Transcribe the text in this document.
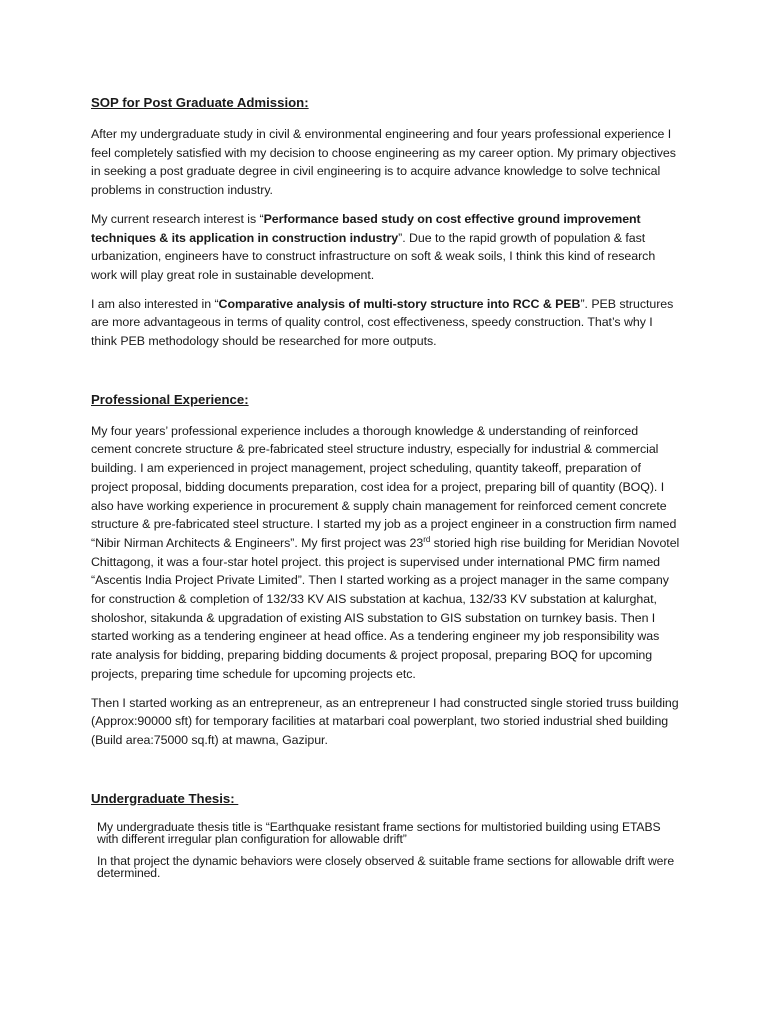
SOP for Post Graduate Admission:

After my undergraduate study in civil & environmental engineering and four years professional experience I feel completely satisfied with my decision to choose engineering as my career option. My primary objectives in seeking a post graduate degree in civil engineering is to acquire advance knowledge to solve technical problems in construction industry.

My current research interest is “Performance based study on cost effective ground improvement techniques & its application in construction industry”. Due to the rapid growth of population & fast urbanization, engineers have to construct infrastructure on soft & weak soils, I think this kind of research work will play great role in sustainable development.

I am also interested in “Comparative analysis of multi-story structure into RCC & PEB”. PEB structures are more advantageous in terms of quality control, cost effectiveness, speedy construction. That’s why I think PEB methodology should be researched for more outputs.

Professional Experience:

My four years’ professional experience includes a thorough knowledge & understanding of reinforced cement concrete structure & pre-fabricated steel structure industry, especially for industrial & commercial building. I am experienced in project management, project scheduling, quantity takeoff, preparation of project proposal, bidding documents preparation, cost idea for a project, preparing bill of quantity (BOQ). I also have working experience in procurement & supply chain management for reinforced cement concrete structure & pre-fabricated steel structure. I started my job as a project engineer in a construction firm named “Nibir Nirman Architects & Engineers”. My first project was 23rd storied high rise building for Meridian Novotel Chittagong, it was a four-star hotel project. this project is supervised under international PMC firm named “Ascentis India Project Private Limited”. Then I started working as a project manager in the same company for construction & completion of 132/33 KV AIS substation at kachua, 132/33 KV substation at kalurghat, sholoshor, sitakunda & upgradation of existing AIS substation to GIS substation on turnkey basis. Then I started working as a tendering engineer at head office. As a tendering engineer my job responsibility was rate analysis for bidding, preparing bidding documents & project proposal, preparing BOQ for upcoming projects, preparing time schedule for upcoming projects etc.

Then I started working as an entrepreneur, as an entrepreneur I had constructed single storied truss building (Approx:90000 sft) for temporary facilities at matarbari coal powerplant, two storied industrial shed building (Build area:75000 sq.ft) at mawna, Gazipur.

Undergraduate Thesis:

My undergraduate thesis title is “Earthquake resistant frame sections for multistoried building using ETABS with different irregular plan configuration for allowable drift”

In that project the dynamic behaviors were closely observed & suitable frame sections for allowable drift were determined.
